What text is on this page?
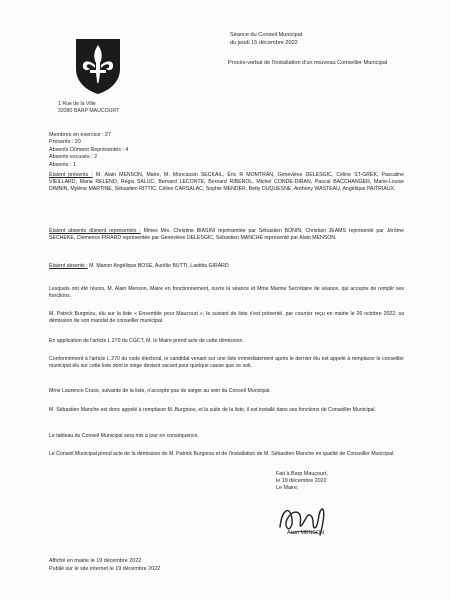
1 Rue de la Ville
33380 BARP MAUCOURT
Séance du Conseil Municipal
du jeudi 15 décembre 2022
Procès-verbal de l'installation d'un nouveau Conseiller Municipal
Membres en exercice : 27
Présents : 20
Absents Dûment Représentés : 4
Absents excusés : 2
Absents : 1
Étaient présents : M. Alain MENSON, Maire, M. Moncassin SECKAIL, Éric R MOMTRAN, Geneviève DELESGIC, Céline ST-GREK, Pascaline VIEILLARD, Maria RELENO, Régis SALUC, Bernard LECONTE, Bernard RIBEROL, Michel CONDE-DIRAN, Pascal BACCHANGER, Marie-Louise DIMNIN, Mylène MARTINE, Sébastien RITTIC, Céline CARSALAC, Sophie MENDER, Betty DUQUESNE, Anthony WASTEAU, Angélique PAITRIAUX.
Étaient absents dûment représentés : Mmes Mrs. Christine BIASINI représentée par Sébastien BONIN, Christian JEAMS représenté par Jérôme SECHEKE, Clémence PIRARD représentée par Geneviève DELESGIC, Sébastien MANCHE représenté par Alain MENSON.
Étaient absents : M. Manon Angélique BOSE, Aurélie BUTTI, Laetitia GIRARD
Lesquels ont été réunis, M. Alain Menson, Maire en fonctionnement, ouvre la séance et Mme Marine Secrétaire de séance, qui accepte de remplir ses fonctions.
M. Patrick Burgniou, élu sur la liste « Ensemble pour Maucourt », le suivant de liste s'est présenté, par courrier reçu en mairie le 26 octobre 2022, sa démission de son mandat de conseiller municipal.
En application de l'article L 270 du CGCT, M. le Maire prend acte de cette démission.
Conformément à l'article L 270 du code électoral, le candidat venant sur une liste immédiatement après le dernier élu est appelé à remplacer le conseiller municipal élu sur cette liste dont le siège devient vacant pour quelque cause que ce soit.
Mme Laurence Cruse, suivante de la liste, n'accepte pas de siéger au sein du Conseil Municipal.
M. Sébastien Manche est donc appelé à remplacer M. Burgniou, et la suite de la liste, il est installé dans ses fonctions de Conseiller Municipal.
Le tableau du Conseil Municipal sera mis à jour en conséquence.
Le Conseil Municipal prend acte de la démission de M. Patrick Burgniou et de l'installation de M. Sébastien Manche en qualité de Conseiller Municipal.
Fait à Barp Maucourt,
le 19 décembre 2022
Le Maire,
Alain MENSON
Affiché en mairie le 19 décembre 2022
Publié sur le site internet le 19 décembre 2022
